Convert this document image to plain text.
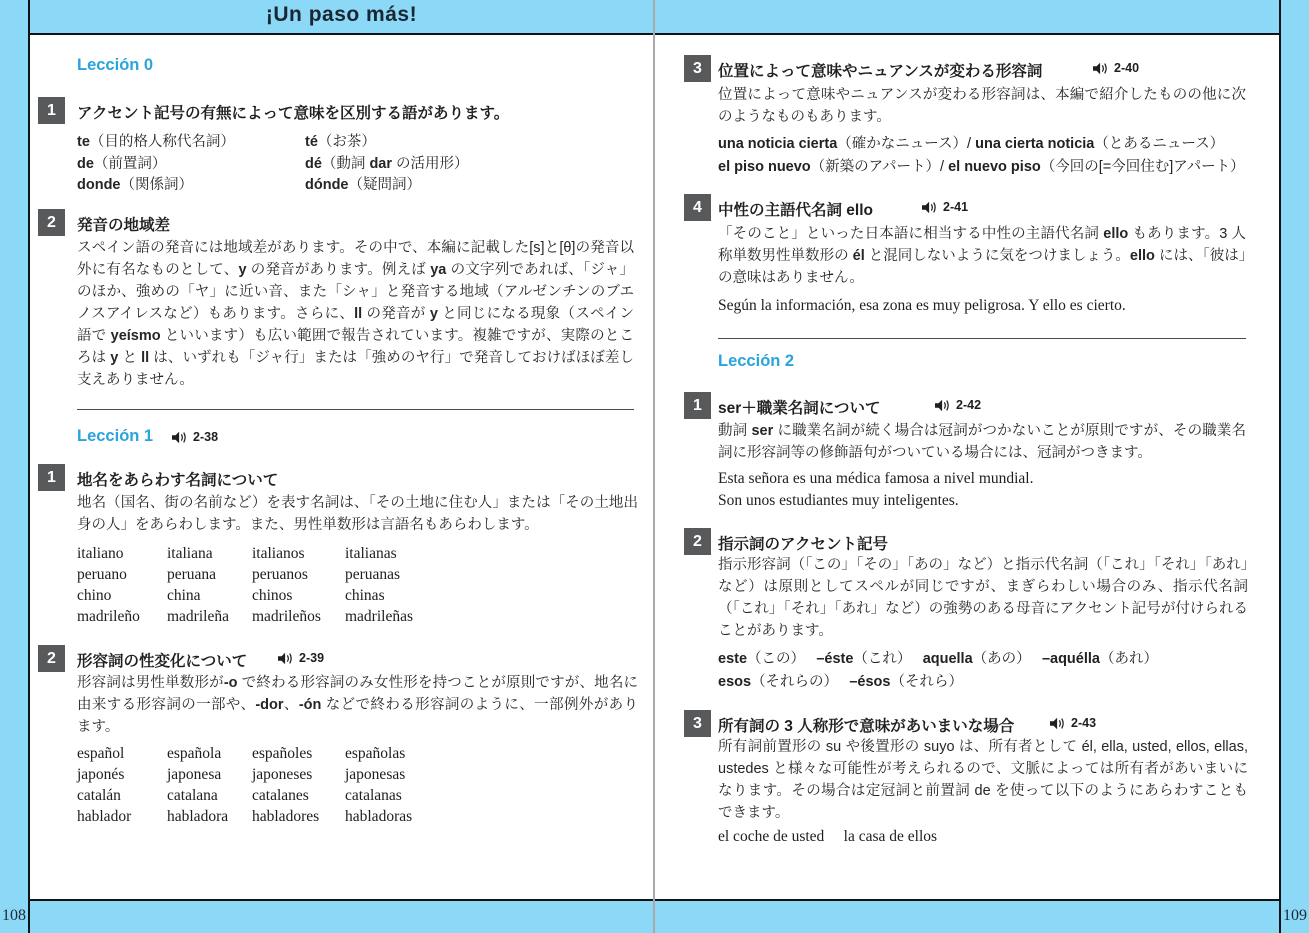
¡Un paso más!
108	109
Lección 0
1	アクセント記号の有無によって意味を区別する語があります。
te（目的格人称代名詞）	té（お茶）
de（前置詞）	dé（動詞 dar の活用形）
donde（関係詞）	dónde（疑問詞）
2	発音の地域差

スペイン語の発音には地域差があります。その中で、本編に記載した[s]と[θ]の発音以外に有名なものとして、y の発音があります。例えば ya の文字列であれば、「ジャ」のほか、強めの「ヤ」に近い音、また「シャ」と発音する地域（アルゼンチンのブエノスアイレスなど）もあります。さらに、ll の発音が y と同じになる現象（スペイン語で yeísmo といいます）も広い範囲で報告されています。複雑ですが、実際のところは y と ll は、いずれも「ジャ行」または「強めのヤ行」で発音しておけばほぼ差し支えありません。

Lección 1	2-38
1	地名をあらわす名詞について

地名（国名、街の名前など）を表す名詞は、「その土地に住む人」または「その土地出身の人」をあらわします。また、男性単数形は言語名もあらわします。

italiano	italiana	italianos	italianas
peruano	peruana	peruanos	peruanas
chino	china	chinos	chinas
madrileño	madrileña	madrileños	madrileñas
2	形容詞の性変化について	2-39

形容詞は男性単数形が-o で終わる形容詞のみ女性形を持つことが原則ですが、地名に由来する形容詞の一部や、-dor、-ón などで終わる形容詞のように、一部例外があります。

español	española	españoles	españolas
japonés	japonesa	japoneses	japonesas
catalán	catalana	catalanes	catalanas
hablador	habladora	habladores	habladoras
3	位置によって意味やニュアンスが変わる形容詞	2-40

位置によって意味やニュアンスが変わる形容詞は、本編で紹介したものの他に次のようなものもあります。

una noticia cierta（確かなニュース）/ una cierta noticia（とあるニュース）
el piso nuevo（新築のアパート）/ el nuevo piso（今回の[=今回住む]アパート）
4	中性の主語代名詞 ello	2-41

「そのこと」といった日本語に相当する中性の主語代名詞 ello もあります。3 人称単数男性単数形の él と混同しないように気をつけましょう。ello には、「彼は」の意味はありません。

Según la información, esa zona es muy peligrosa. Y ello es cierto.
Lección 2
1	ser＋職業名詞について	2-42

動詞 ser に職業名詞が続く場合は冠詞がつかないことが原則ですが、その職業名詞に形容詞等の修飾語句がついている場合には、冠詞がつきます。

Esta señora es una médica famosa a nivel mundial.
Son unos estudiantes muy inteligentes.
2	指示詞のアクセント記号

指示形容詞（「この」「その」「あの」など）と指示代名詞（「これ」「それ」「あれ」など）は原則としてスペルが同じですが、まぎらわしい場合のみ、指示代名詞（「これ」「それ」「あれ」など）の強勢のある母音にアクセント記号が付けられることがあります。

este（この）　 –éste（これ）　 aquella（あの）　 –aquélla（あれ）
esos（それらの）　 –ésos（それら）
3	所有詞の 3 人称形で意味があいまいな場合	2-43

所有詞前置形の su や後置形の suyo は、所有者として él, ella, usted, ellos, ellas, ustedes と様々な可能性が考えられるので、文脈によっては所有者があいまいになります。その場合は定冠詞と前置詞 de を使って以下のようにあらわすこともできます。

el coche de usted　 la casa de ellos
